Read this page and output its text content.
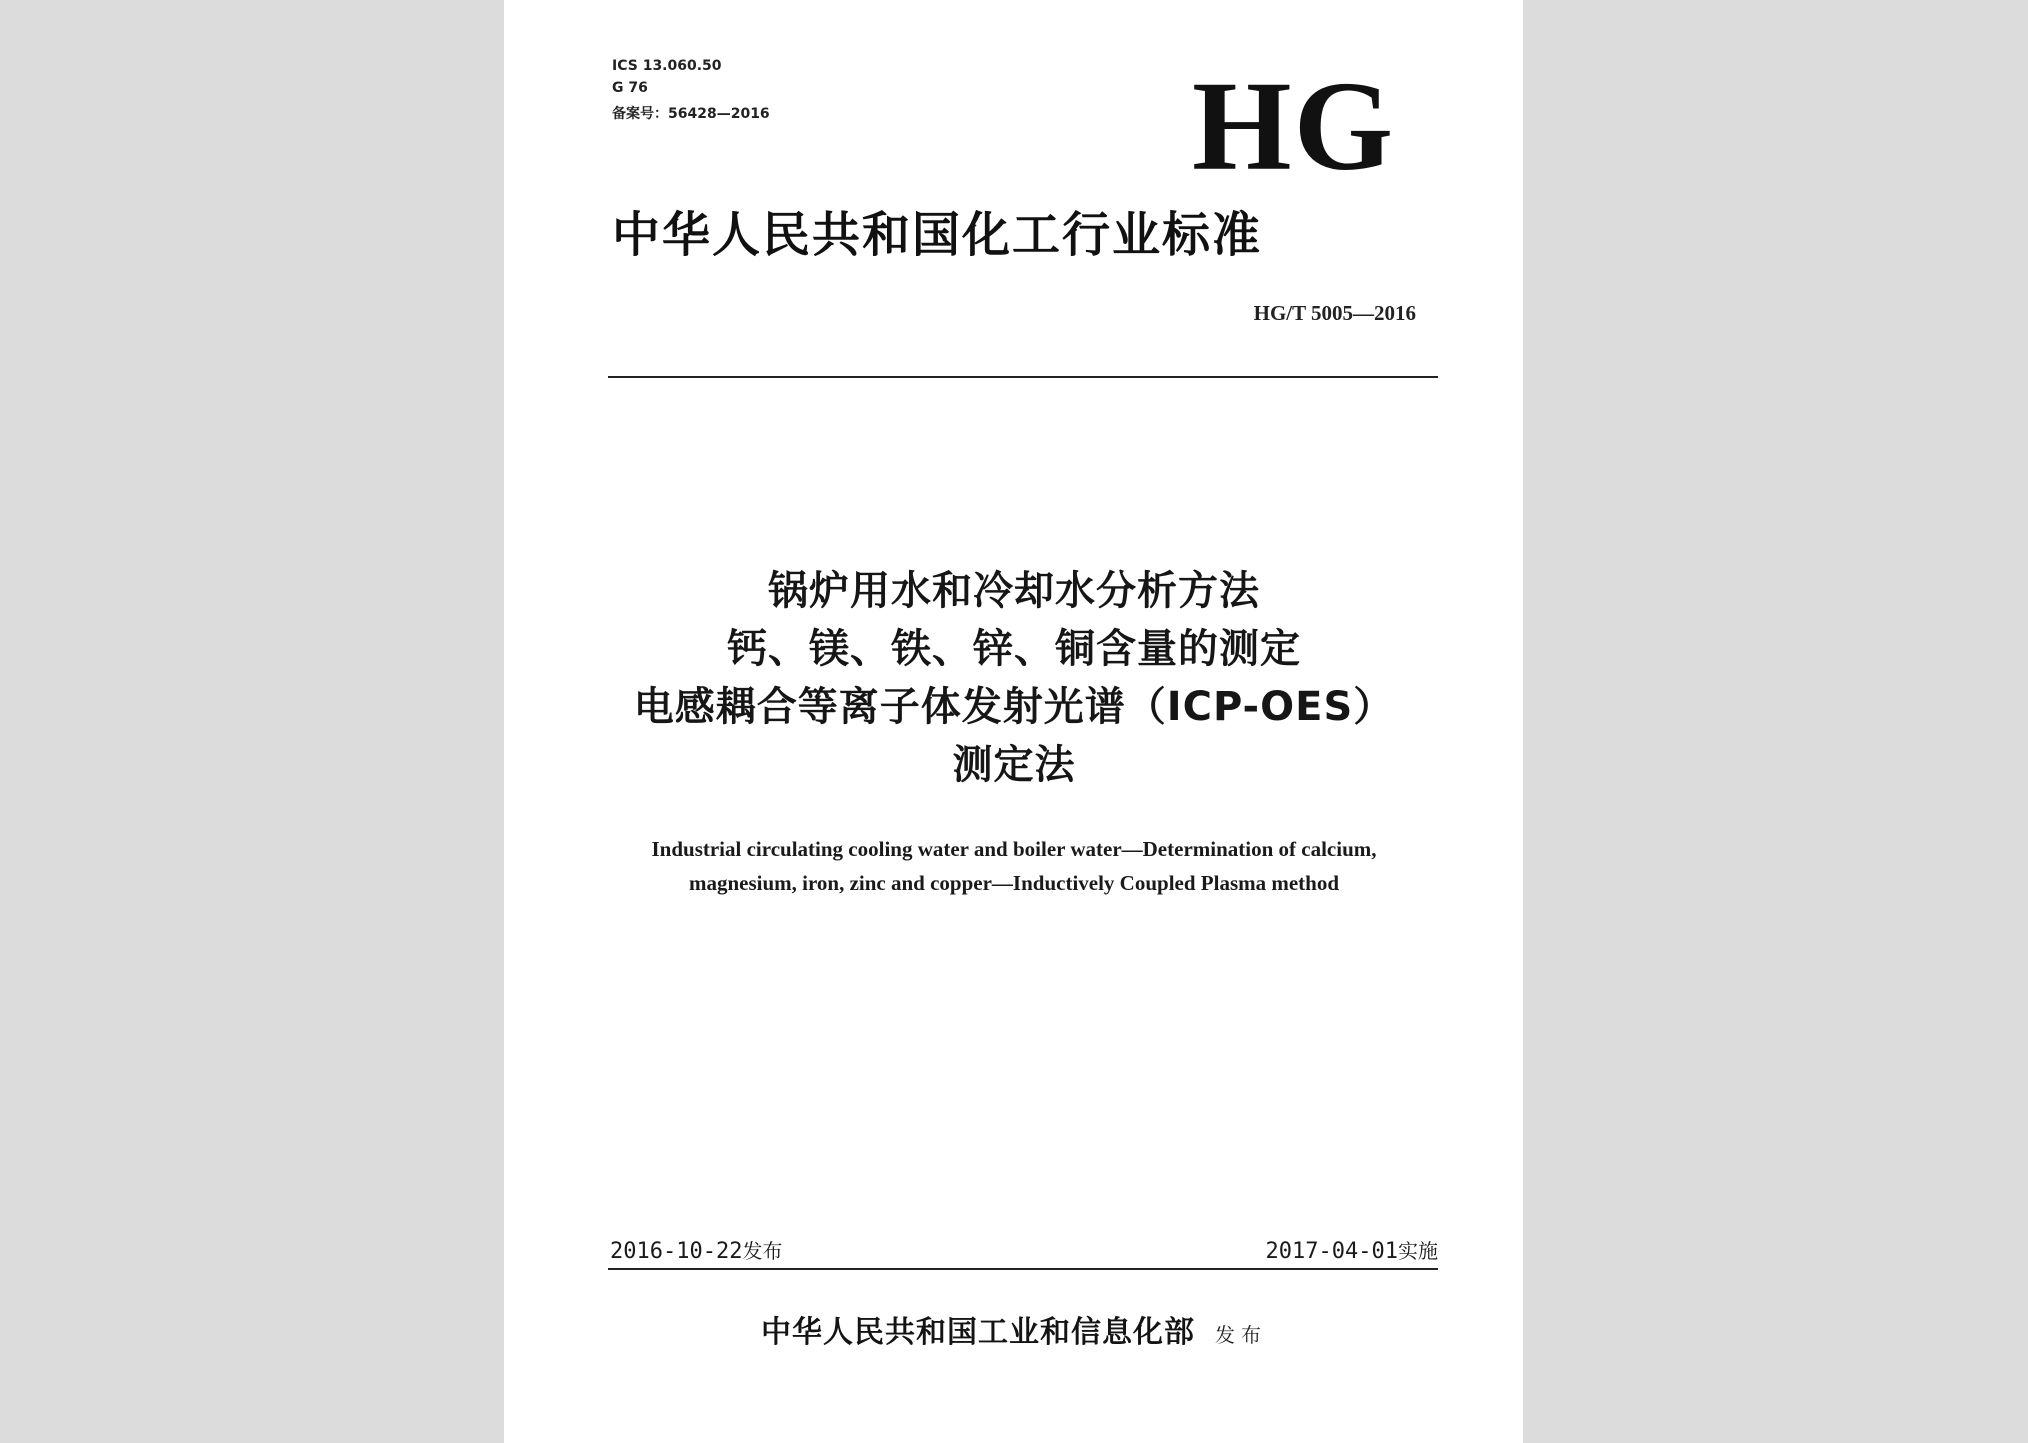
ICS 13.060.50
G 76
备案号：56428—2016	HG
中华人民共和国化工行业标准
HG/T 5005—2016
锅炉用水和冷却水分析方法
钙、镁、铁、锌、铜含量的测定
电感耦合等离子体发射光谱（ICP-OES）
测定法
Industrial circulating cooling water and boiler water—Determination of calcium,
magnesium, iron, zinc and copper—Inductively Coupled Plasma method
2016-10-22发布	2017-04-01实施
中华人民共和国工业和信息化部 发布
